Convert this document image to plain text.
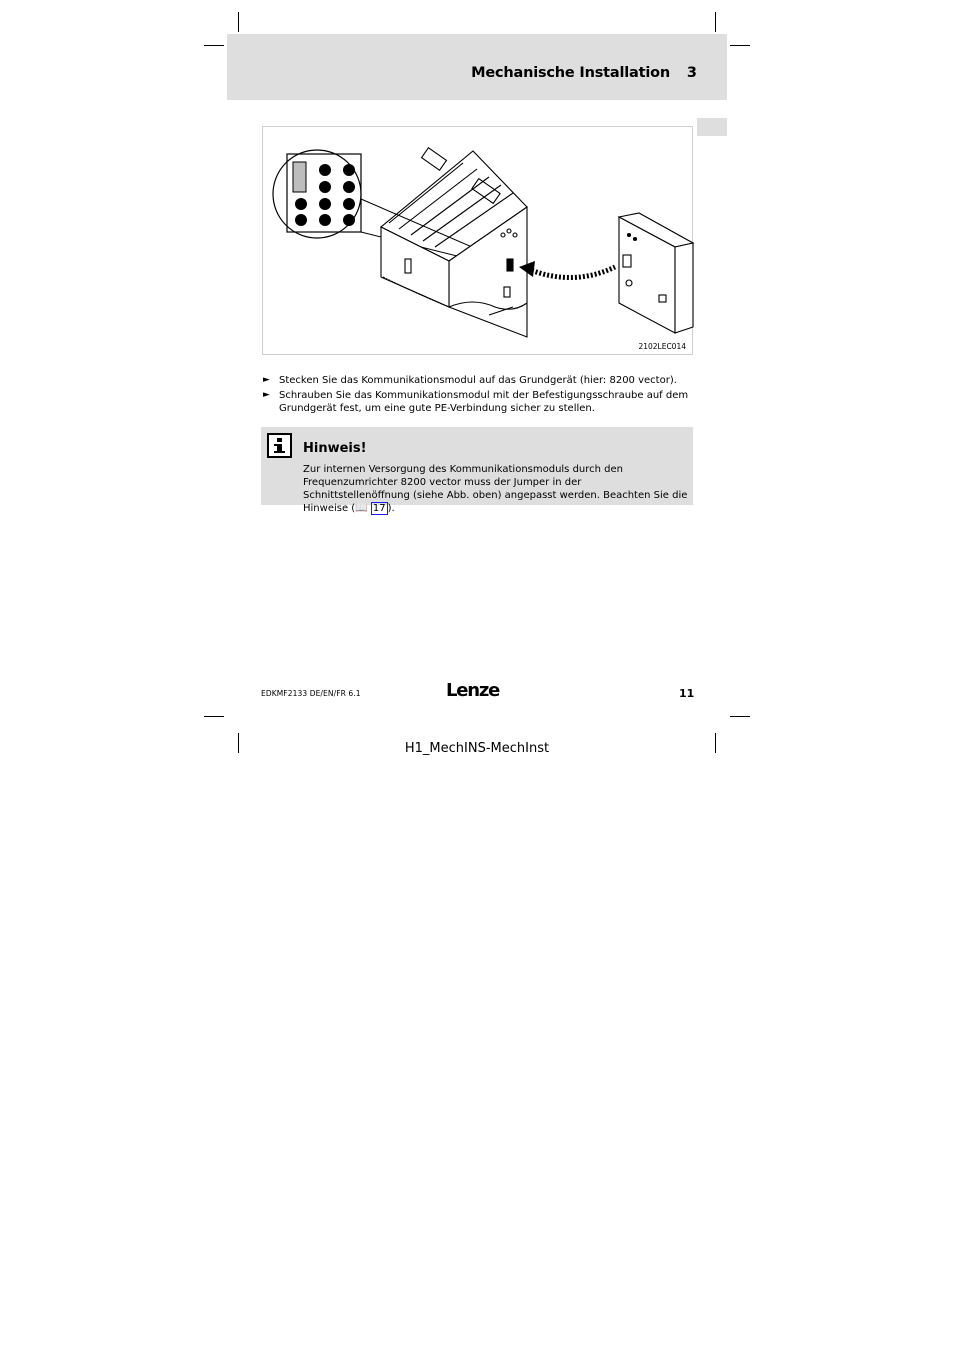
Mechanische Installation 3
2102LEC014
► Stecken Sie das Kommunikationsmodul auf das Grundgerät (hier: 8200 vector).
► Schrauben Sie das Kommunikationsmodul mit der Befestigungsschraube auf dem Grundgerät fest, um eine gute PE-Verbindung sicher zu stellen.
Hinweis!
Zur internen Versorgung des Kommunikationsmoduls durch den Frequenzumrichter 8200 vector muss der Jumper in der Schnittstellenöffnung (siehe Abb. oben) angepasst werden. Beachten Sie die Hinweise (📖 17 ).
EDKMF2133 DE/EN/FR 6.1	Lenze	11
H1_MechINS-MechInst
